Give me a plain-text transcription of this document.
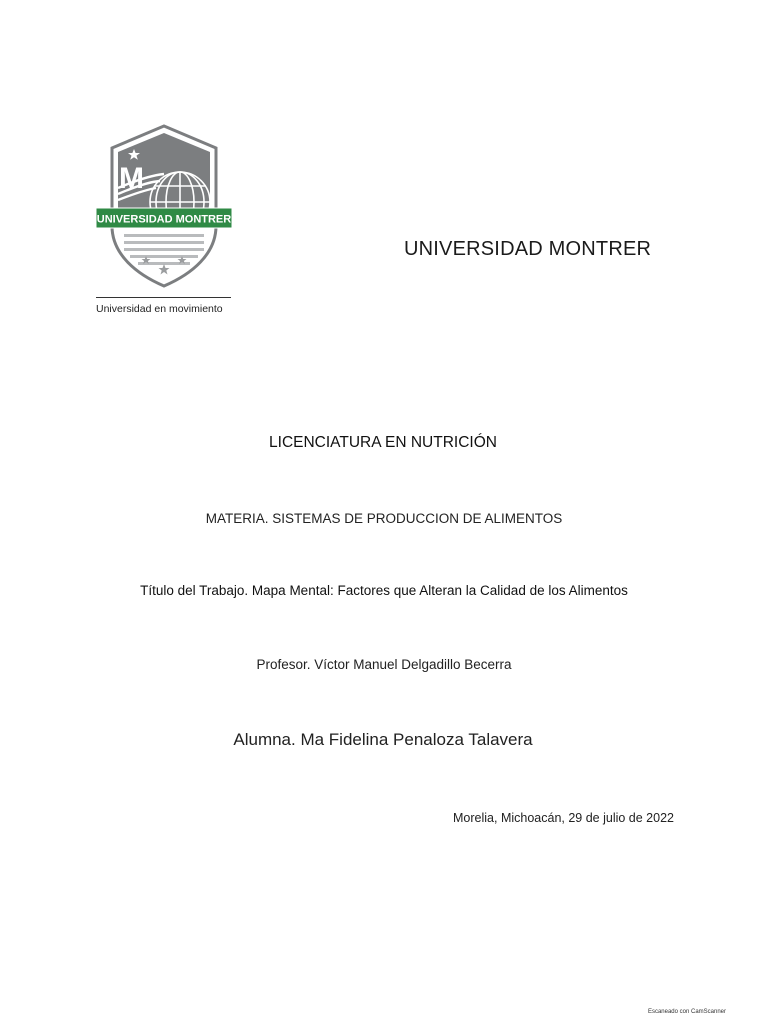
M
UNIVERSIDAD MONTRER
Universidad en movimiento
UNIVERSIDAD MONTRER
LICENCIATURA EN NUTRICIÓN
MATERIA. SISTEMAS DE PRODUCCION DE ALIMENTOS
Título del Trabajo. Mapa Mental: Factores que Alteran la Calidad de los Alimentos
Profesor. Víctor Manuel Delgadillo Becerra
Alumna. Ma Fidelina Penaloza Talavera
Morelia, Michoacán, 29 de julio de 2022
Escaneado con CamScanner
